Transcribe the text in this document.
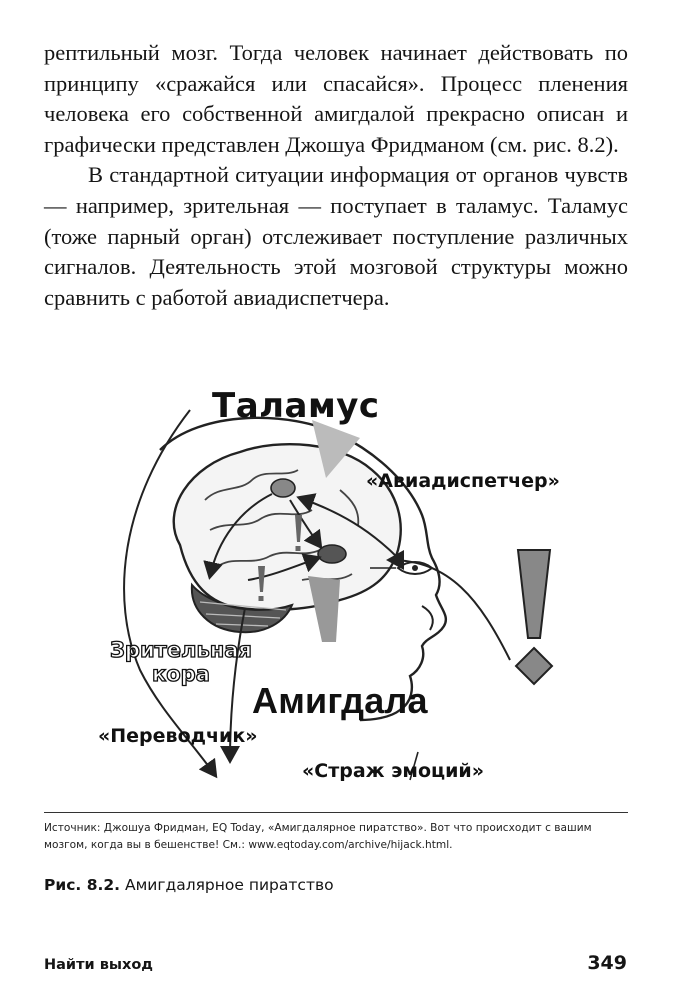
рептильный мозг. Тогда человек начинает действовать по принципу «сражайся или спасайся». Процесс пленения человека его собственной амигдалой прекрасно описан и графически представлен Джошуа Фридманом (см. рис. 8.2).

В стандартной ситуации информация от органов чувств — например, зрительная — поступает в таламус. Таламус (тоже парный орган) отслеживает поступление различных сигналов. Деятельность этой мозговой структуры можно сравнить с работой авиадиспетчера.

Таламус
«Авиадиспетчер»
Зрительная
кора
Амигдала
«Переводчик»
«Страж эмоций»
Источник: Джошуа Фридман, EQ Today, «Амигдалярное пиратство». Вот что происходит с вашим мозгом, когда вы в бешенстве! См.: www.eqtoday.com/archive/hijack.html.
Рис. 8.2. Амигдалярное пиратство
Найти выход	349
